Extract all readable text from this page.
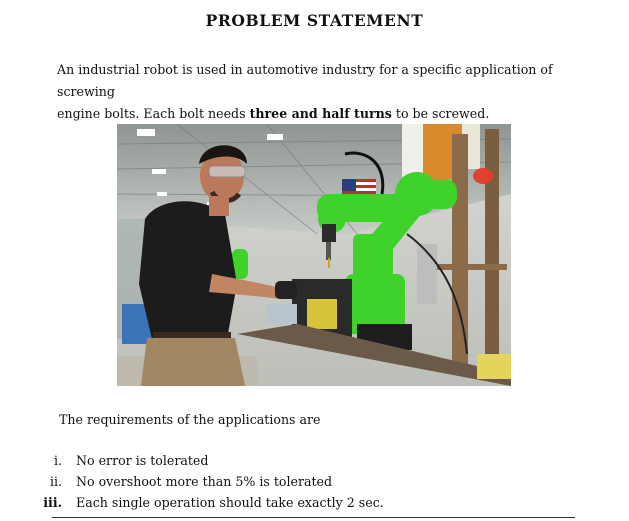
PROBLEM STATEMENT
An industrial robot is used in automotive industry for a specific application of screwing
engine bolts. Each bolt needs three and half turns to be screwed.
The requirements of the applications are
i. No error is tolerated
ii. No overshoot more than 5% is tolerated
iii. Each single operation should take exactly 2 sec.
